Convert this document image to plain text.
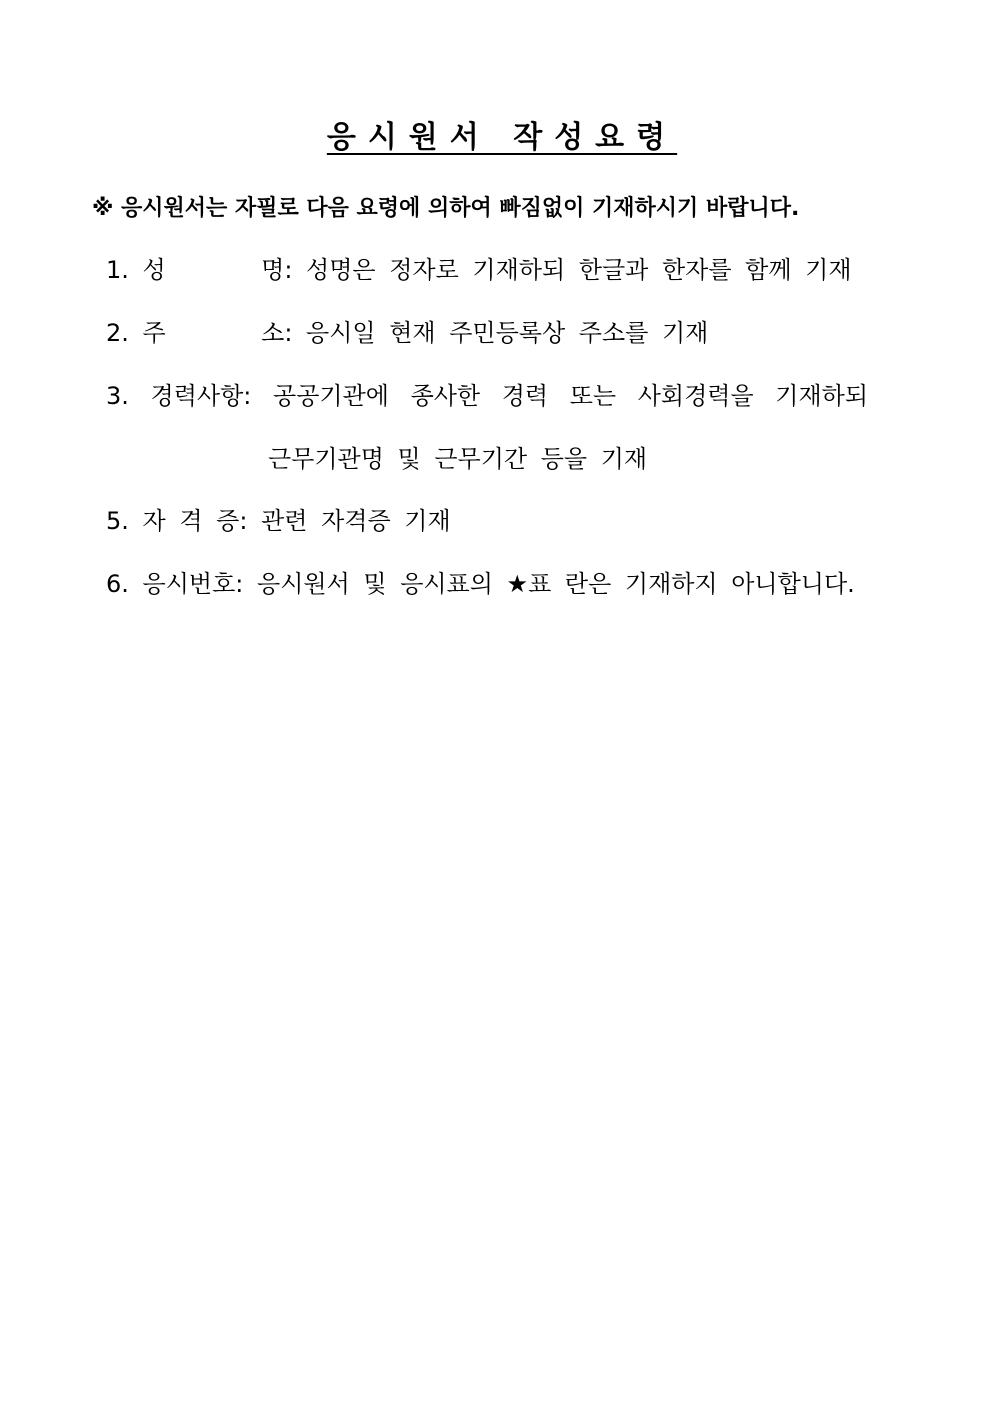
응시원서 작성요령
※ 응시원서는 자필로 다음 요령에 의하여 빠짐없이 기재하시기 바랍니다.
1. 성       명: 성명은 정자로 기재하되 한글과 한자를 함께 기재
2. 주       소: 응시일 현재 주민등록상 주소를 기재
3. 경력사항: 공공기관에 종사한 경력 또는 사회경력을 기재하되
근무기관명 및 근무기간 등을 기재
5. 자 격 증: 관련 자격증 기재
6. 응시번호: 응시원서 및 응시표의 ★표 란은 기재하지 아니합니다.
